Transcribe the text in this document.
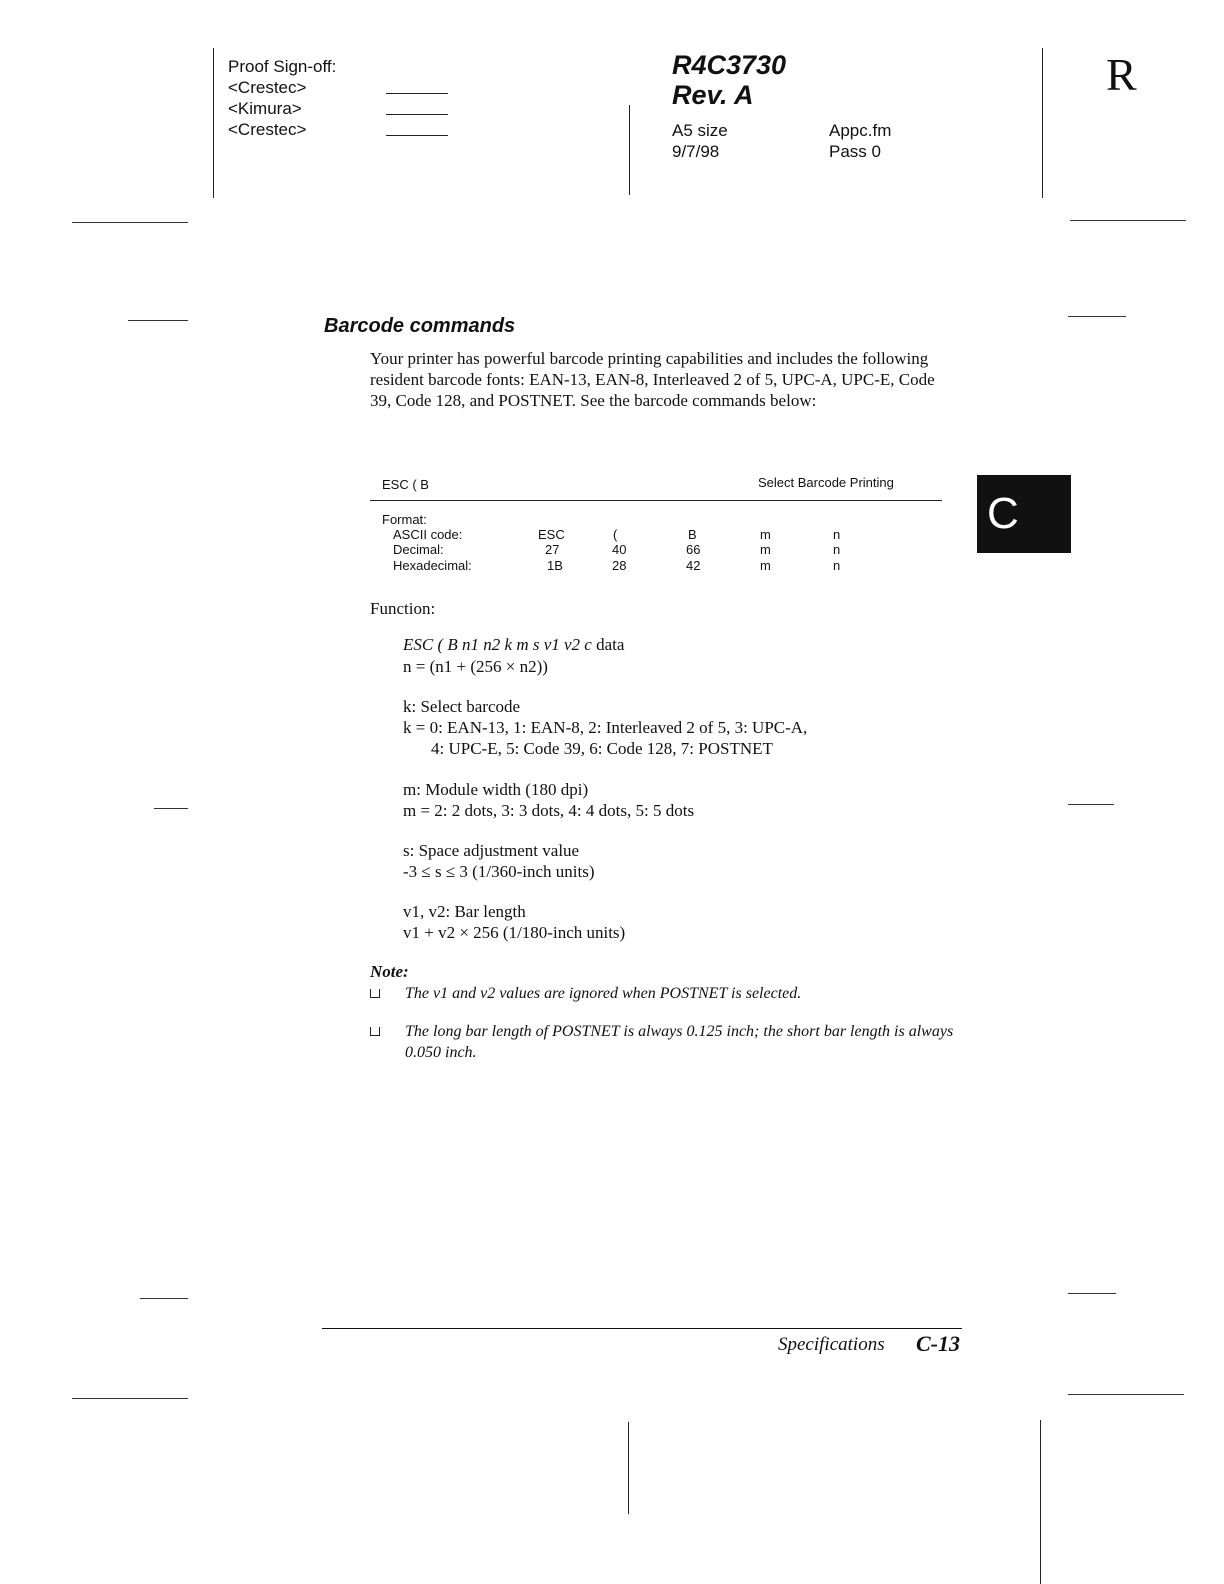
Proof Sign-off:
<Crestec>
<Kimura>
<Crestec>
R4C3730
Rev. A
A5 size
9/7/98
Appc.fm
Pass 0
R
Barcode commands
Your printer has powerful barcode printing capabilities and includes the following resident barcode fonts: EAN-13, EAN-8, Interleaved 2 of 5, UPC-A, UPC-E, Code 39, Code 128, and POSTNET. See the barcode commands below:
ESC ( B	Select Barcode Printing
Format:
ASCII code:	ESC	(	B	m	n
Decimal:	27	40	66	m	n
Hexadecimal:	1B	28	42	m	n
Function:
ESC ( B n1 n2 k m s v1 v2 c data
n = (n1 + (256 × n2))
k: Select barcode
k = 0: EAN-13, 1: EAN-8, 2: Interleaved 2 of 5, 3: UPC-A,
4: UPC-E, 5: Code 39, 6: Code 128, 7: POSTNET
m: Module width (180 dpi)
m = 2: 2 dots, 3: 3 dots, 4: 4 dots, 5: 5 dots
s: Space adjustment value
-3 ≤ s ≤ 3 (1/360-inch units)
v1, v2: Bar length
v1 + v2 × 256 (1/180-inch units)
Note:
The v1 and v2 values are ignored when POSTNET is selected.
The long bar length of POSTNET is always 0.125 inch; the short bar length is always 0.050 inch.
C
Specifications C-13
